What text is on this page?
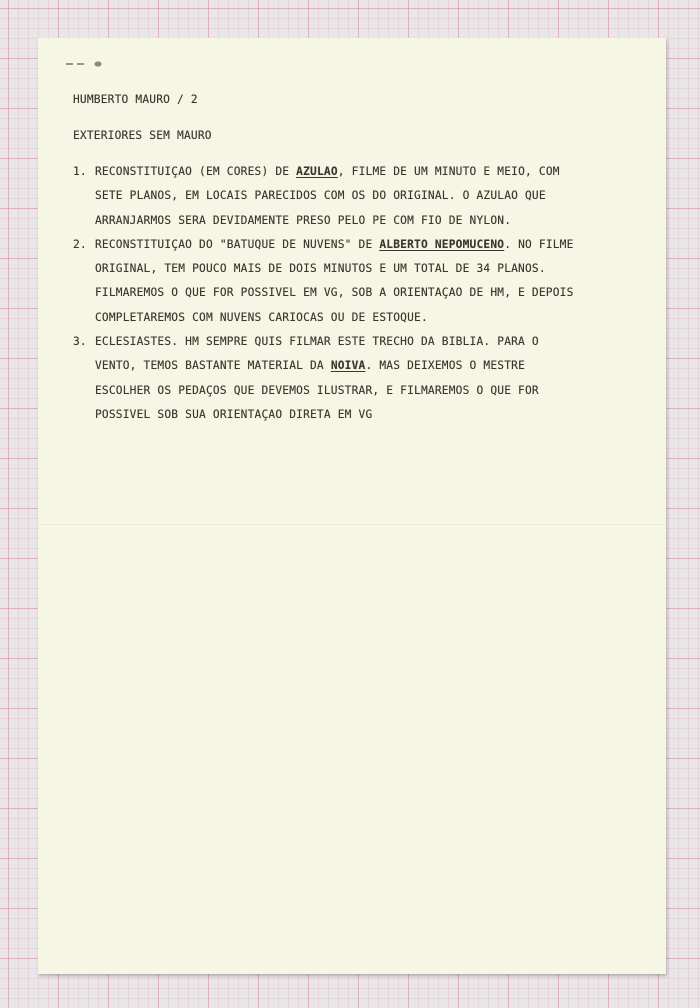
HUMBERTO MAURO / 2
EXTERIORES SEM MAURO
1. RECONSTITUIÇAO (EM CORES) DE AZULAO, FILME DE UM MINUTO E MEIO, COM
SETE PLANOS, EM LOCAIS PARECIDOS COM OS DO ORIGINAL. O AZULAO QUE
ARRANJARMOS SERA DEVIDAMENTE PRESO PELO PE COM FIO DE NYLON.
2. RECONSTITUIÇAO DO "BATUQUE DE NUVENS" DE ALBERTO NEPOMUCENO. NO FILME
ORIGINAL, TEM POUCO MAIS DE DOIS MINUTOS E UM TOTAL DE 34 PLANOS.
FILMAREMOS O QUE FOR POSSIVEL EM VG, SOB A ORIENTAÇAO DE HM, E DEPOIS
COMPLETAREMOS COM NUVENS CARIOCAS OU DE ESTOQUE.
3. ECLESIASTES. HM SEMPRE QUIS FILMAR ESTE TRECHO DA BIBLIA. PARA O
VENTO, TEMOS BASTANTE MATERIAL DA NOIVA. MAS DEIXEMOS O MESTRE
ESCOLHER OS PEDAÇOS QUE DEVEMOS ILUSTRAR, E FILMAREMOS O QUE FOR
POSSIVEL SOB SUA ORIENTAÇAO DIRETA EM VG
